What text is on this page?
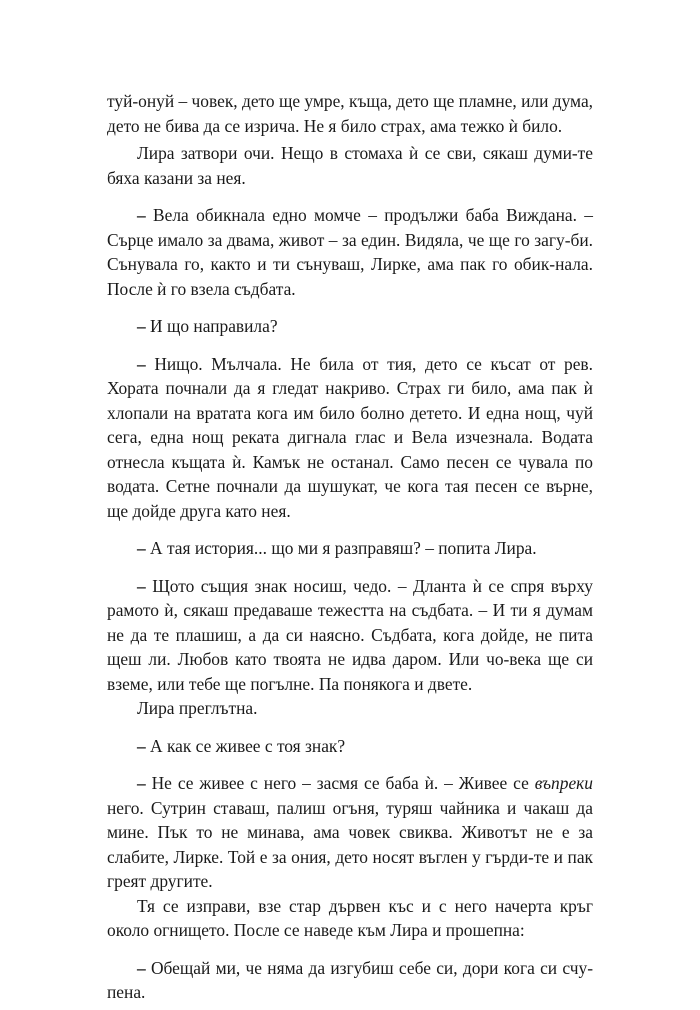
туй-онуй – човек, дето ще умре, къща, дето ще пламне, или дума, дето не бива да се изрича. Не я било страх, ама тежко ѝ било.

Лира затвори очи. Нещо в стомаха ѝ се сви, сякаш думи-те бяха казани за нея.

– Вела обикнала едно момче – продължи баба Виждана. – Сърце имало за двама, живот – за един. Видяла, че ще го загу-би. Сънувала го, както и ти сънуваш, Лирке, ама пак го обик-нала. После ѝ го взела съдбата.

– И що направила?

– Нищо. Мълчала. Не била от тия, дето се късат от рев. Хората почнали да я гледат накриво. Страх ги било, ама пак ѝ хлопали на вратата кога им било болно детето. И една нощ, чуй сега, една нощ реката дигнала глас и Вела изчезнала. Водата отнесла къщата ѝ. Камък не останал. Само песен се чувала по водата. Сетне почнали да шушукат, че кога тая песен се върне, ще дойде друга като нея.

– А тая история... що ми я разправяш? – попита Лира.

– Щото същия знак носиш, чедо. – Дланта ѝ се спря върху рамото ѝ, сякаш предаваше тежестта на съдбата. – И ти я думам не да те плашиш, а да си наясно. Съдбата, кога дойде, не пита щеш ли. Любов като твоята не идва даром. Или чо-века ще си вземе, или тебе ще погълне. Па понякога и двете.

Лира преглътна.

– А как се живее с тоя знак?

– Не се живее с него – засмя се баба ѝ. – Живее се въпреки него. Сутрин ставаш, палиш огъня, туряш чайника и чакаш да мине. Пък то не минава, ама човек свиква. Животът не е за слабите, Лирке. Той е за ония, дето носят въглен у гърди-те и пак греят другите.

Тя се изправи, взе стар дървен къс и с него начерта кръг около огнището. После се наведе към Лира и прошепна:

– Обещай ми, че няма да изгубиш себе си, дори кога си счу-пена.
